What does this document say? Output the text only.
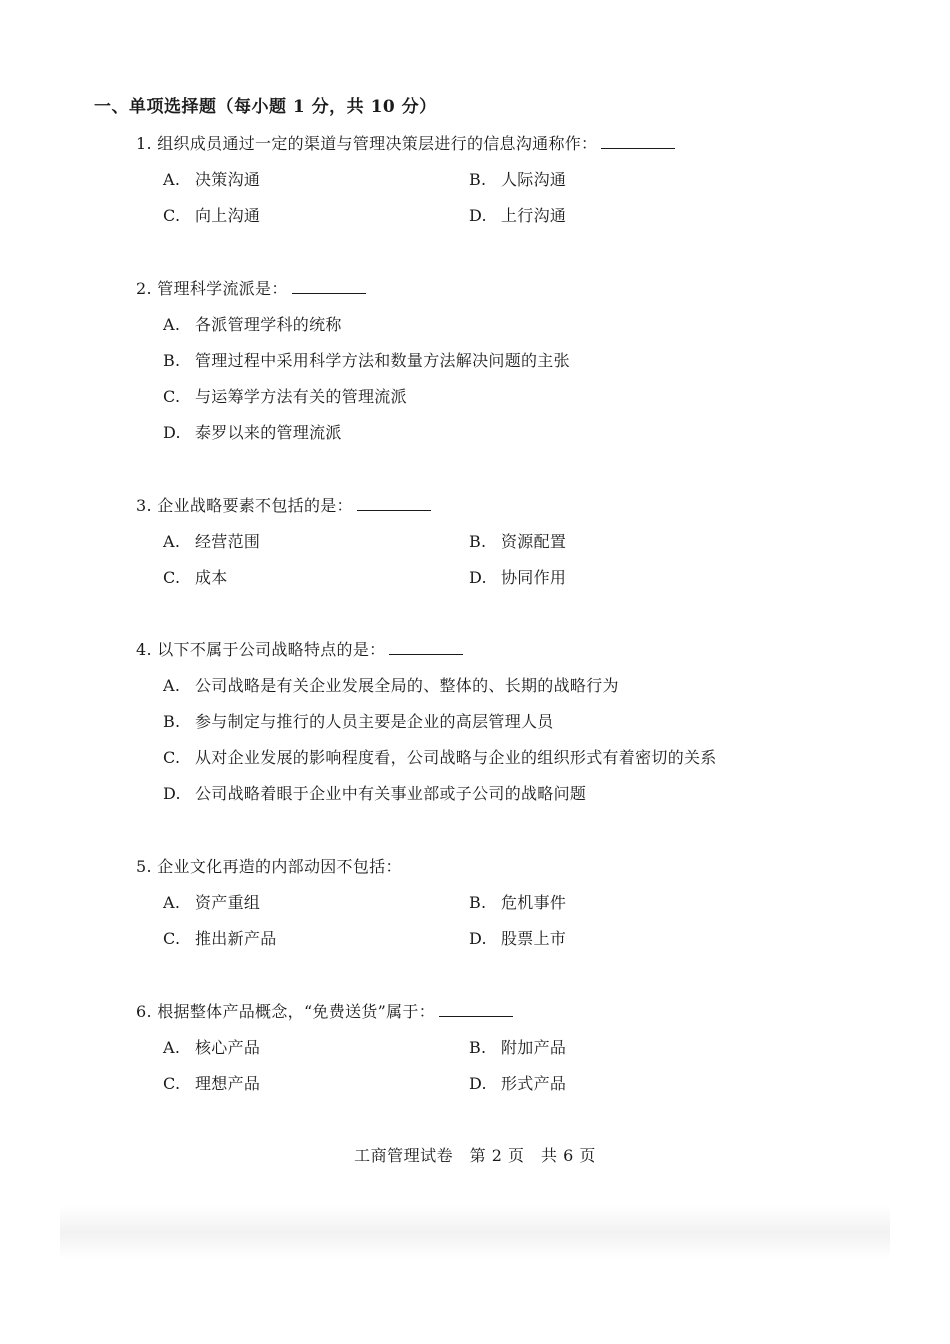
一、单项选择题（每小题 1 分，共 10 分）
1. 组织成员通过一定的渠道与管理决策层进行的信息沟通称作：
A. 决策沟通	B. 人际沟通
C. 向上沟通	D. 上行沟通
2. 管理科学流派是：
A. 各派管理学科的统称
B. 管理过程中采用科学方法和数量方法解决问题的主张
C. 与运筹学方法有关的管理流派
D. 泰罗以来的管理流派
3. 企业战略要素不包括的是：
A. 经营范围	B. 资源配置
C. 成本	D. 协同作用
4. 以下不属于公司战略特点的是：
A. 公司战略是有关企业发展全局的、整体的、长期的战略行为
B. 参与制定与推行的人员主要是企业的高层管理人员
C. 从对企业发展的影响程度看，公司战略与企业的组织形式有着密切的关系
D. 公司战略着眼于企业中有关事业部或子公司的战略问题
5. 企业文化再造的内部动因不包括：
A. 资产重组	B. 危机事件
C. 推出新产品	D. 股票上市
6. 根据整体产品概念，“免费送货”属于：
A. 核心产品	B. 附加产品
C. 理想产品	D. 形式产品
工商管理试卷　第 2 页　共 6 页
